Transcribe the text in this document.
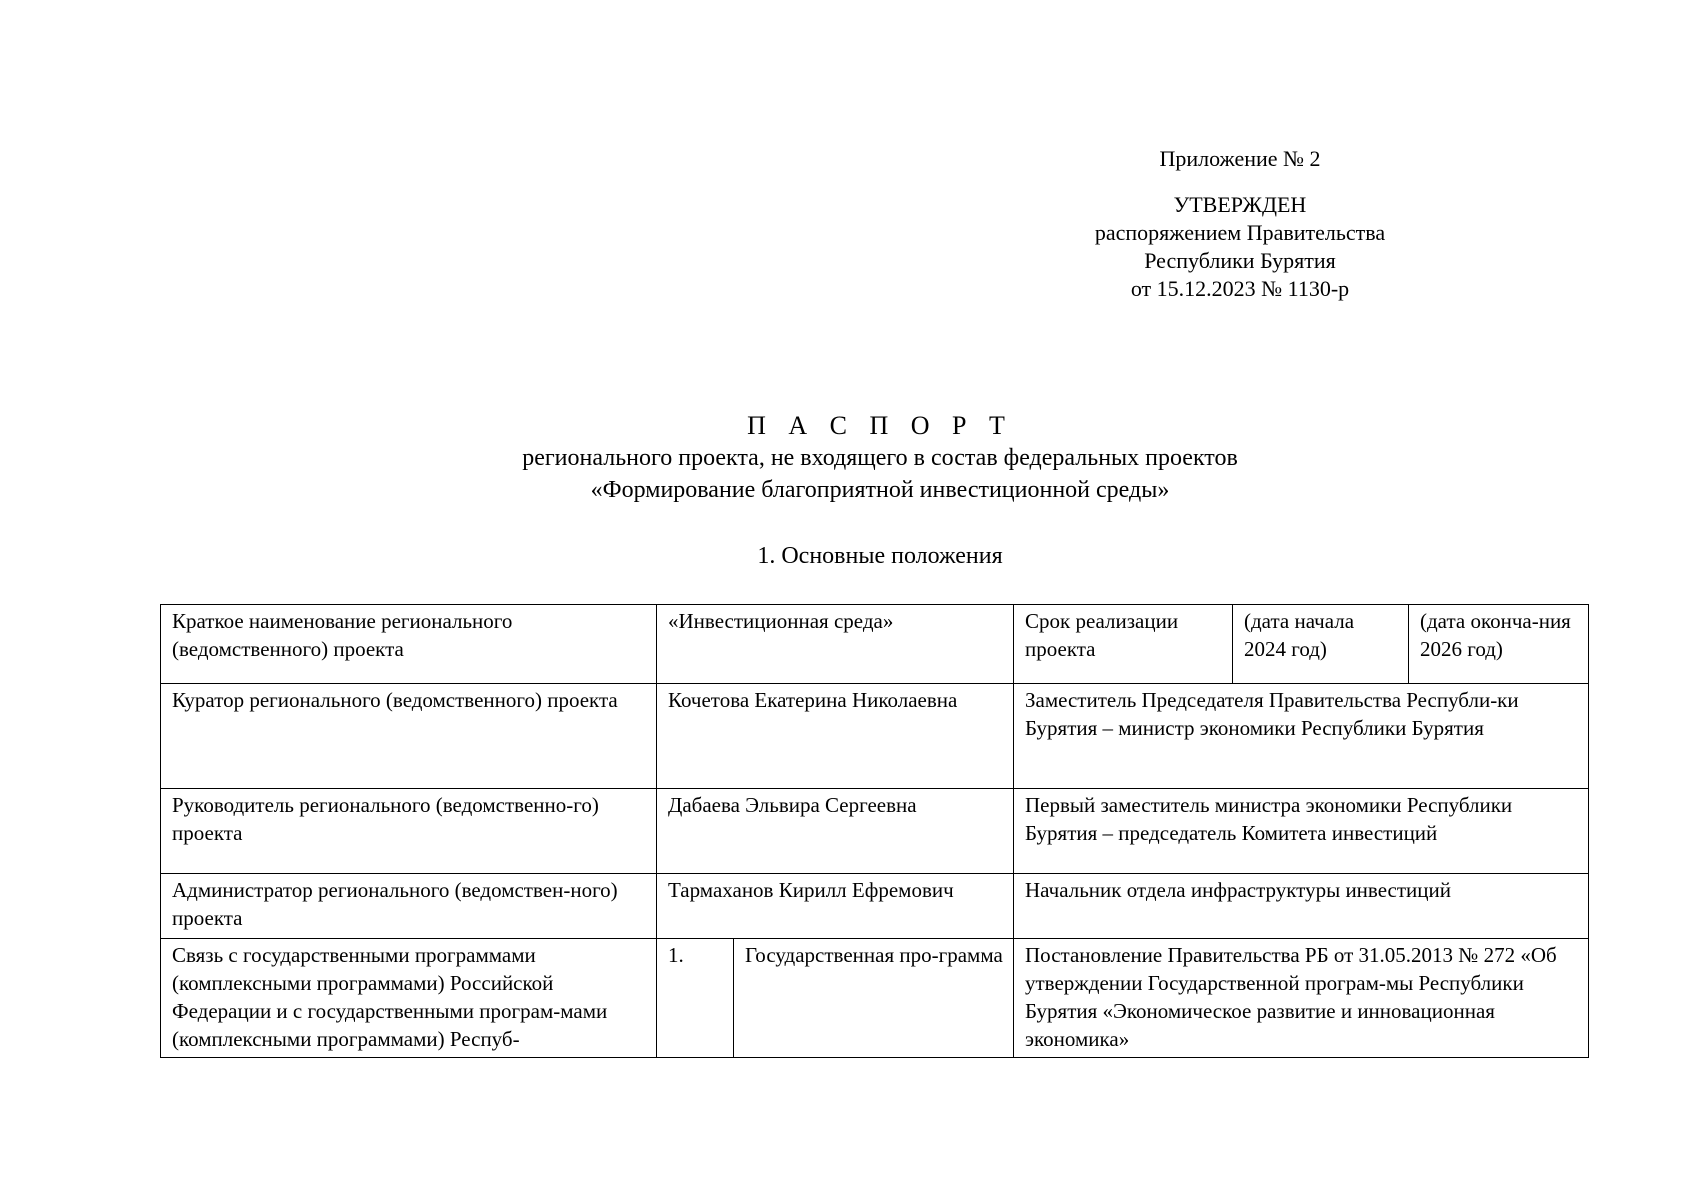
Приложение № 2
УТВЕРЖДЕН
распоряжением Правительства
Республики Бурятия
от 15.12.2023 № 1130-р
П А С П О Р Т
регионального проекта, не входящего в состав федеральных проектов
«Формирование благоприятной инвестиционной среды»
1. Основные положения
Краткое наименование регионального (ведомственного) проекта	«Инвестиционная среда»		Срок реализации проекта	(дата начала 2024 год)	(дата оконча-ния 2026 год)
Куратор регионального (ведомственного) проекта	Кочетова Екатерина Николаевна		Заместитель Председателя Правительства Республи-ки Бурятия – министр экономики Республики Бурятия		
Руководитель регионального (ведомственно-го) проекта	Дабаева Эльвира Сергеевна		Первый заместитель министра экономики Республики Бурятия – председатель Комитета инвестиций		
Администратор регионального (ведомствен-ного) проекта	Тармаханов Кирилл Ефремович		Начальник отдела инфраструктуры инвестиций		
Связь с государственными программами (комплексными программами) Российской Федерации и с государственными програм-мами (комплексными программами) Респуб-	1.	Государственная про-грамма	Постановление Правительства РБ от 31.05.2013 № 272 «Об утверждении Государственной програм-мы Республики Бурятия «Экономическое развитие и инновационная экономика»		
